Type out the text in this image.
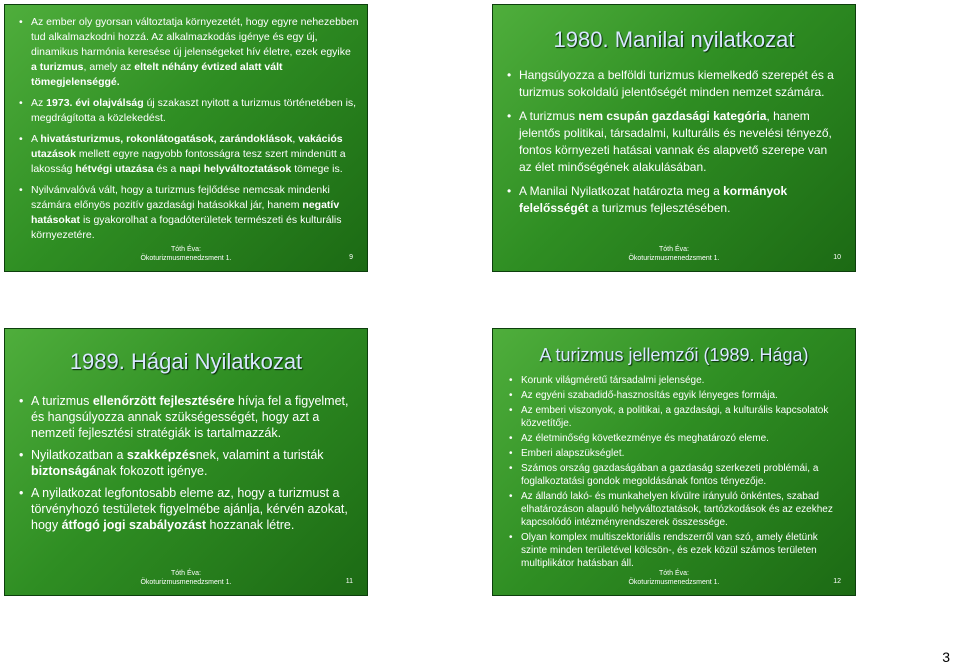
• Az ember oly gyorsan változtatja környezetét, hogy egyre nehezebben tud alkalmazkodni hozzá. Az alkalmazkodás igénye és egy új, dinamikus harmónia keresése új jelenségeket hív életre, ezek egyike a turizmus, amely az eltelt néhány évtized alatt vált tömegjelenséggé.
• Az 1973. évi olajválság új szakaszt nyitott a turizmus történetében is, megdrágította a közlekedést.
• A hivatásturizmus, rokonlátogatások, zarándoklások, vakációs utazások mellett egyre nagyobb fontosságra tesz szert mindenütt a lakosság hétvégi utazása és a napi helyváltoztatások tömege is.
• Nyilvánvalóvá vált, hogy a turizmus fejlődése nemcsak mindenki számára előnyös pozitív gazdasági hatásokkal jár, hanem negatív hatásokat is gyakorolhat a fogadóterületek természeti és kulturális környezetére.
Tóth Éva:
Ökoturizmusmenedzsment 1.	9
1980. Manilai nyilatkozat
• Hangsúlyozza a belföldi turizmus kiemelkedő szerepét és a turizmus sokoldalú jelentőségét minden nemzet számára.
• A turizmus nem csupán gazdasági kategória, hanem jelentős politikai, társadalmi, kulturális és nevelési tényező, fontos környezeti hatásai vannak és alapvető szerepe van az élet minőségének alakulásában.
• A Manilai Nyilatkozat határozta meg a kormányok felelősségét a turizmus fejlesztésében.
Tóth Éva:
Ökoturizmusmenedzsment 1.	10
1989. Hágai Nyilatkozat
• A turizmus ellenőrzött fejlesztésére hívja fel a figyelmet, és hangsúlyozza annak szükségességét, hogy azt a nemzeti fejlesztési stratégiák is tartalmazzák.
• Nyilatkozatban a szakképzésnek, valamint a turisták biztonságának fokozott igénye.
• A nyilatkozat legfontosabb eleme az, hogy a turizmust a törvényhozó testületek figyelmébe ajánlja, kérvén azokat, hogy átfogó jogi szabályozást hozzanak létre.
Tóth Éva:
Ökoturizmusmenedzsment 1.	11
A turizmus jellemzői (1989. Hága)
• Korunk világméretű társadalmi jelensége.
• Az egyéni szabadidő-hasznosítás egyik lényeges formája.
• Az emberi viszonyok, a politikai, a gazdasági, a kulturális kapcsolatok közvetítője.
• Az életminőség következménye és meghatározó eleme.
• Emberi alapszükséglet.
• Számos ország gazdaságában a gazdaság szerkezeti problémái, a foglalkoztatási gondok megoldásának fontos tényezője.
• Az állandó lakó- és munkahelyen kívülre irányuló önkéntes, szabad elhatározáson alapuló helyváltoztatások, tartózkodások és az ezekhez kapcsolódó intézményrendszerek összessége.
• Olyan komplex multiszektoriális rendszerről van szó, amely életünk szinte minden területével kölcsön-, és ezek közül számos területen multiplikátor hatásban áll.
Tóth Éva:
Ökoturizmusmenedzsment 1.	12
3
